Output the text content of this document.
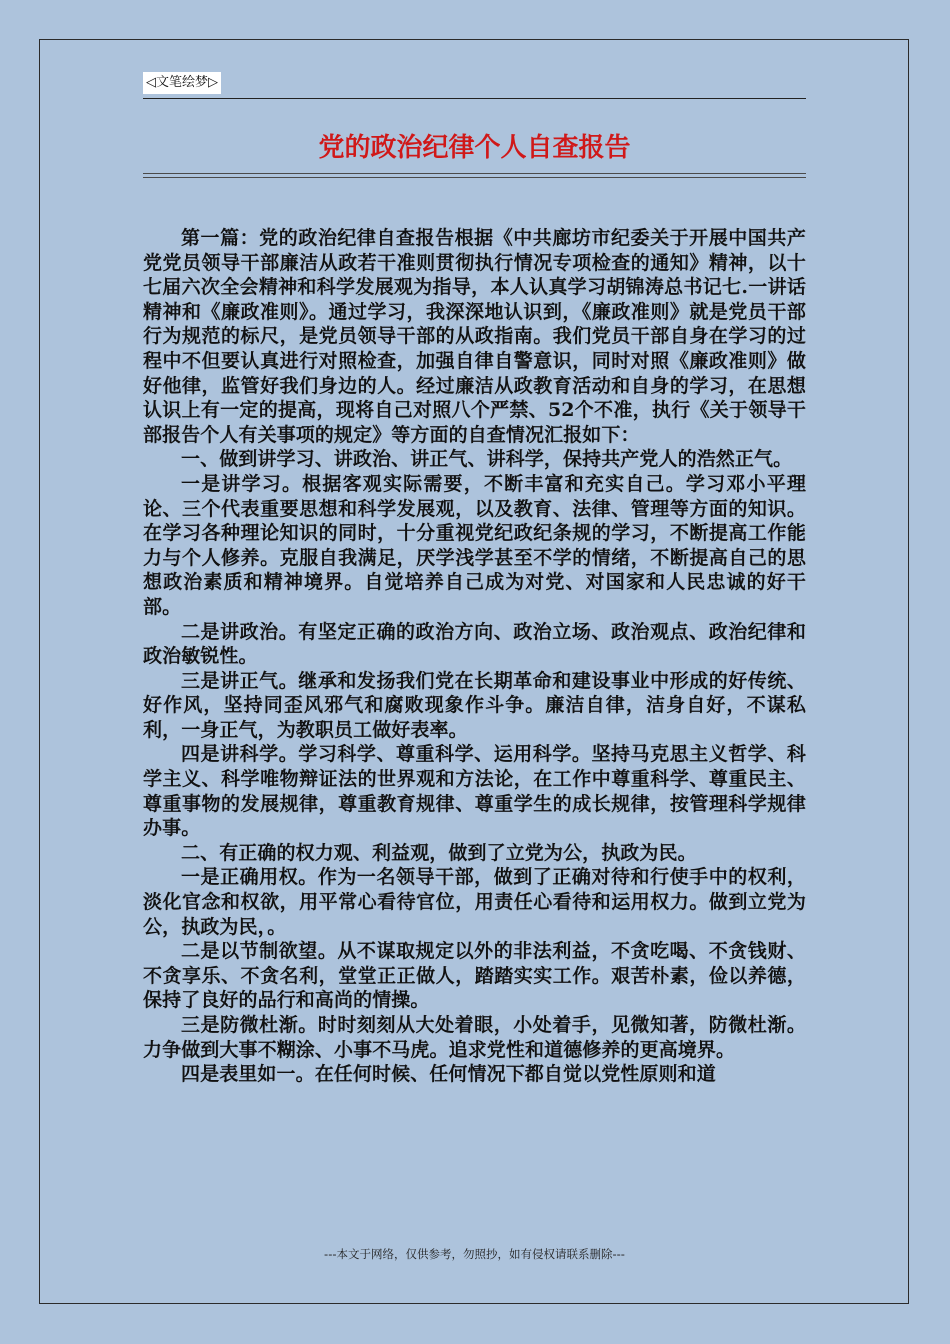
◁文笔绘梦▷
党的政治纪律个人自查报告

第一篇：党的政治纪律自查报告根据《中共廊坊市纪委关于开展中国共产党党员领导干部廉洁从政若干准则贯彻执行情况专项检查的通知》精神，以十七届六次全会精神和科学发展观为指导，本人认真学习胡锦涛总书记七.一讲话精神和《廉政准则》。通过学习，我深深地认识到，《廉政准则》就是党员干部行为规范的标尺，是党员领导干部的从政指南。我们党员干部自身在学习的过程中不但要认真进行对照检查，加强自律自警意识，同时对照《廉政准则》做好他律，监管好我们身边的人。经过廉洁从政教育活动和自身的学习，在思想认识上有一定的提高，现将自己对照八个严禁、52个不准，执行《关于领导干部报告个人有关事项的规定》等方面的自查情况汇报如下：

一、做到讲学习、讲政治、讲正气、讲科学，保持共产党人的浩然正气。

一是讲学习。根据客观实际需要，不断丰富和充实自己。学习邓小平理论、三个代表重要思想和科学发展观，以及教育、法律、管理等方面的知识。在学习各种理论知识的同时，十分重视党纪政纪条规的学习，不断提高工作能力与个人修养。克服自我满足，厌学浅学甚至不学的情绪，不断提高自己的思想政治素质和精神境界。自觉培养自己成为对党、对国家和人民忠诚的好干部。

二是讲政治。有坚定正确的政治方向、政治立场、政治观点、政治纪律和政治敏锐性。

三是讲正气。继承和发扬我们党在长期革命和建设事业中形成的好传统、好作风，坚持同歪风邪气和腐败现象作斗争。廉洁自律，洁身自好，不谋私利，一身正气，为教职员工做好表率。

四是讲科学。学习科学、尊重科学、运用科学。坚持马克思主义哲学、科学主义、科学唯物辩证法的世界观和方法论，在工作中尊重科学、尊重民主、尊重事物的发展规律，尊重教育规律、尊重学生的成长规律，按管理科学规律办事。

二、有正确的权力观、利益观，做到了立党为公，执政为民。

一是正确用权。作为一名领导干部，做到了正确对待和行使手中的权利，淡化官念和权欲，用平常心看待官位，用责任心看待和运用权力。做到立党为公，执政为民，。

二是以节制欲望。从不谋取规定以外的非法利益，不贪吃喝、不贪钱财、不贪享乐、不贪名利，堂堂正正做人，踏踏实实工作。艰苦朴素，俭以养德，保持了良好的品行和高尚的情操。

三是防微杜渐。时时刻刻从大处着眼，小处着手，见微知著，防微杜渐。力争做到大事不糊涂、小事不马虎。追求党性和道德修养的更高境界。

四是表里如一。在任何时候、任何情况下都自觉以党性原则和道

---本文于网络，仅供参考，勿照抄，如有侵权请联系删除---
